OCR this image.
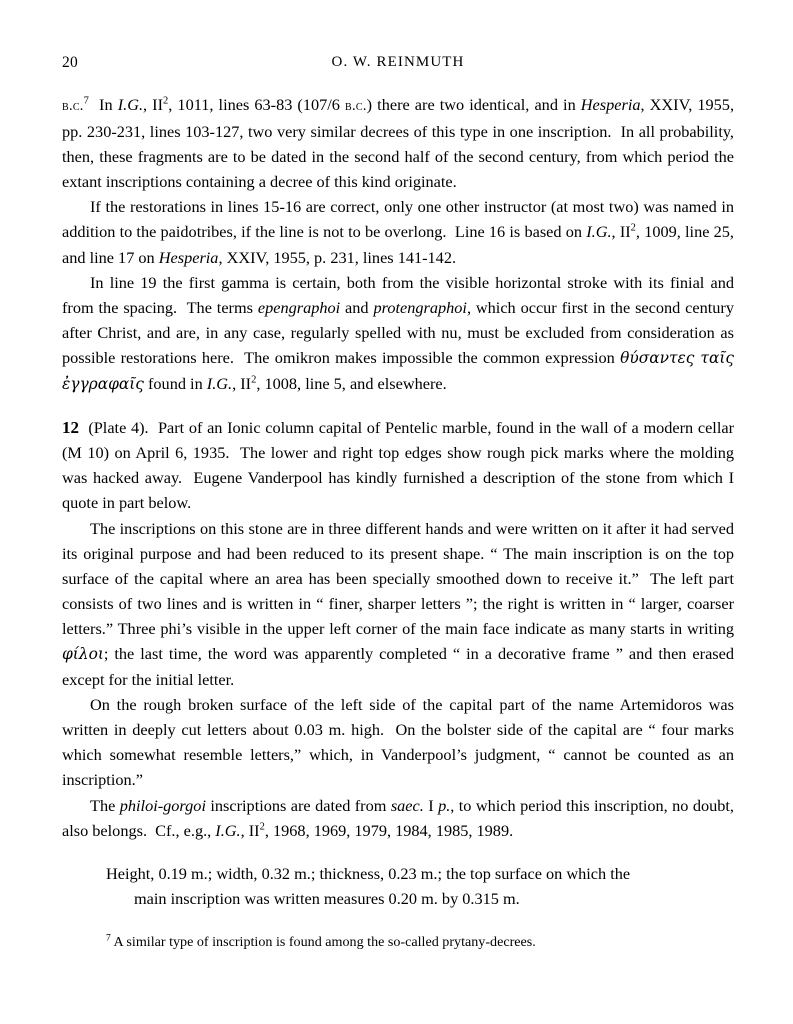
20	O. W. REINMUTH

b.c.$^7$  In I.G., $II^2$, 1011, lines 63-83 (107/6 b.c.) there are two identical, and in Hesperia, XXIV, 1955, pp. 230-231, lines 103-127, two very similar decrees of this type in one inscription.  In all probability, then, these fragments are to be dated in the second half of the second century, from which period the extant inscriptions containing a decree of this kind originate.

If the restorations in lines 15-16 are correct, only one other instructor (at most two) was named in addition to the paidotribes, if the line is not to be overlong.  Line 16 is based on I.G., $II^2$, 1009, line 25, and line 17 on Hesperia, XXIV, 1955, p. 231, lines 141-142.

In line 19 the first gamma is certain, both from the visible horizontal stroke with its finial and from the spacing.  The terms epengraphoi and protengraphoi, which occur first in the second century after Christ, and are, in any case, regularly spelled with nu, must be excluded from consideration as possible restorations here.  The omikron makes impossible the common expression θύσαντες ταῖς ἐγγραφαῖς found in I.G., $II^2$, 1008, line 5, and elsewhere.

12  (Plate 4).  Part of an Ionic column capital of Pentelic marble, found in the wall of a modern cellar (M 10) on April 6, 1935.  The lower and right top edges show rough pick marks where the molding was hacked away.  Eugene Vanderpool has kindly furnished a description of the stone from which I quote in part below.

The inscriptions on this stone are in three different hands and were written on it after it had served its original purpose and had been reduced to its present shape. “ The main inscription is on the top surface of the capital where an area has been specially smoothed down to receive it.”  The left part consists of two lines and is written in “ finer, sharper letters ”; the right is written in “ larger, coarser letters.” Three phi’s visible in the upper left corner of the main face indicate as many starts in writing φίλοι; the last time, the word was apparently completed “ in a decorative frame ” and then erased except for the initial letter.

On the rough broken surface of the left side of the capital part of the name Artemidoros was written in deeply cut letters about 0.03 m. high.  On the bolster side of the capital are “ four marks which somewhat resemble letters,” which, in Vanderpool’s judgment, “ cannot be counted as an inscription.”

The philoi-gorgoi inscriptions are dated from saec. I p., to which period this inscription, no doubt, also belongs.  Cf., e.g., I.G., $II^2$, 1968, 1969, 1979, 1984, 1985, 1989.

Height, 0.19 m.; width, 0.32 m.; thickness, 0.23 m.; the top surface on which the
main inscription was written measures 0.20 m. by 0.315 m.
$^7$ A similar type of inscription is found among the so-called prytany-decrees.
